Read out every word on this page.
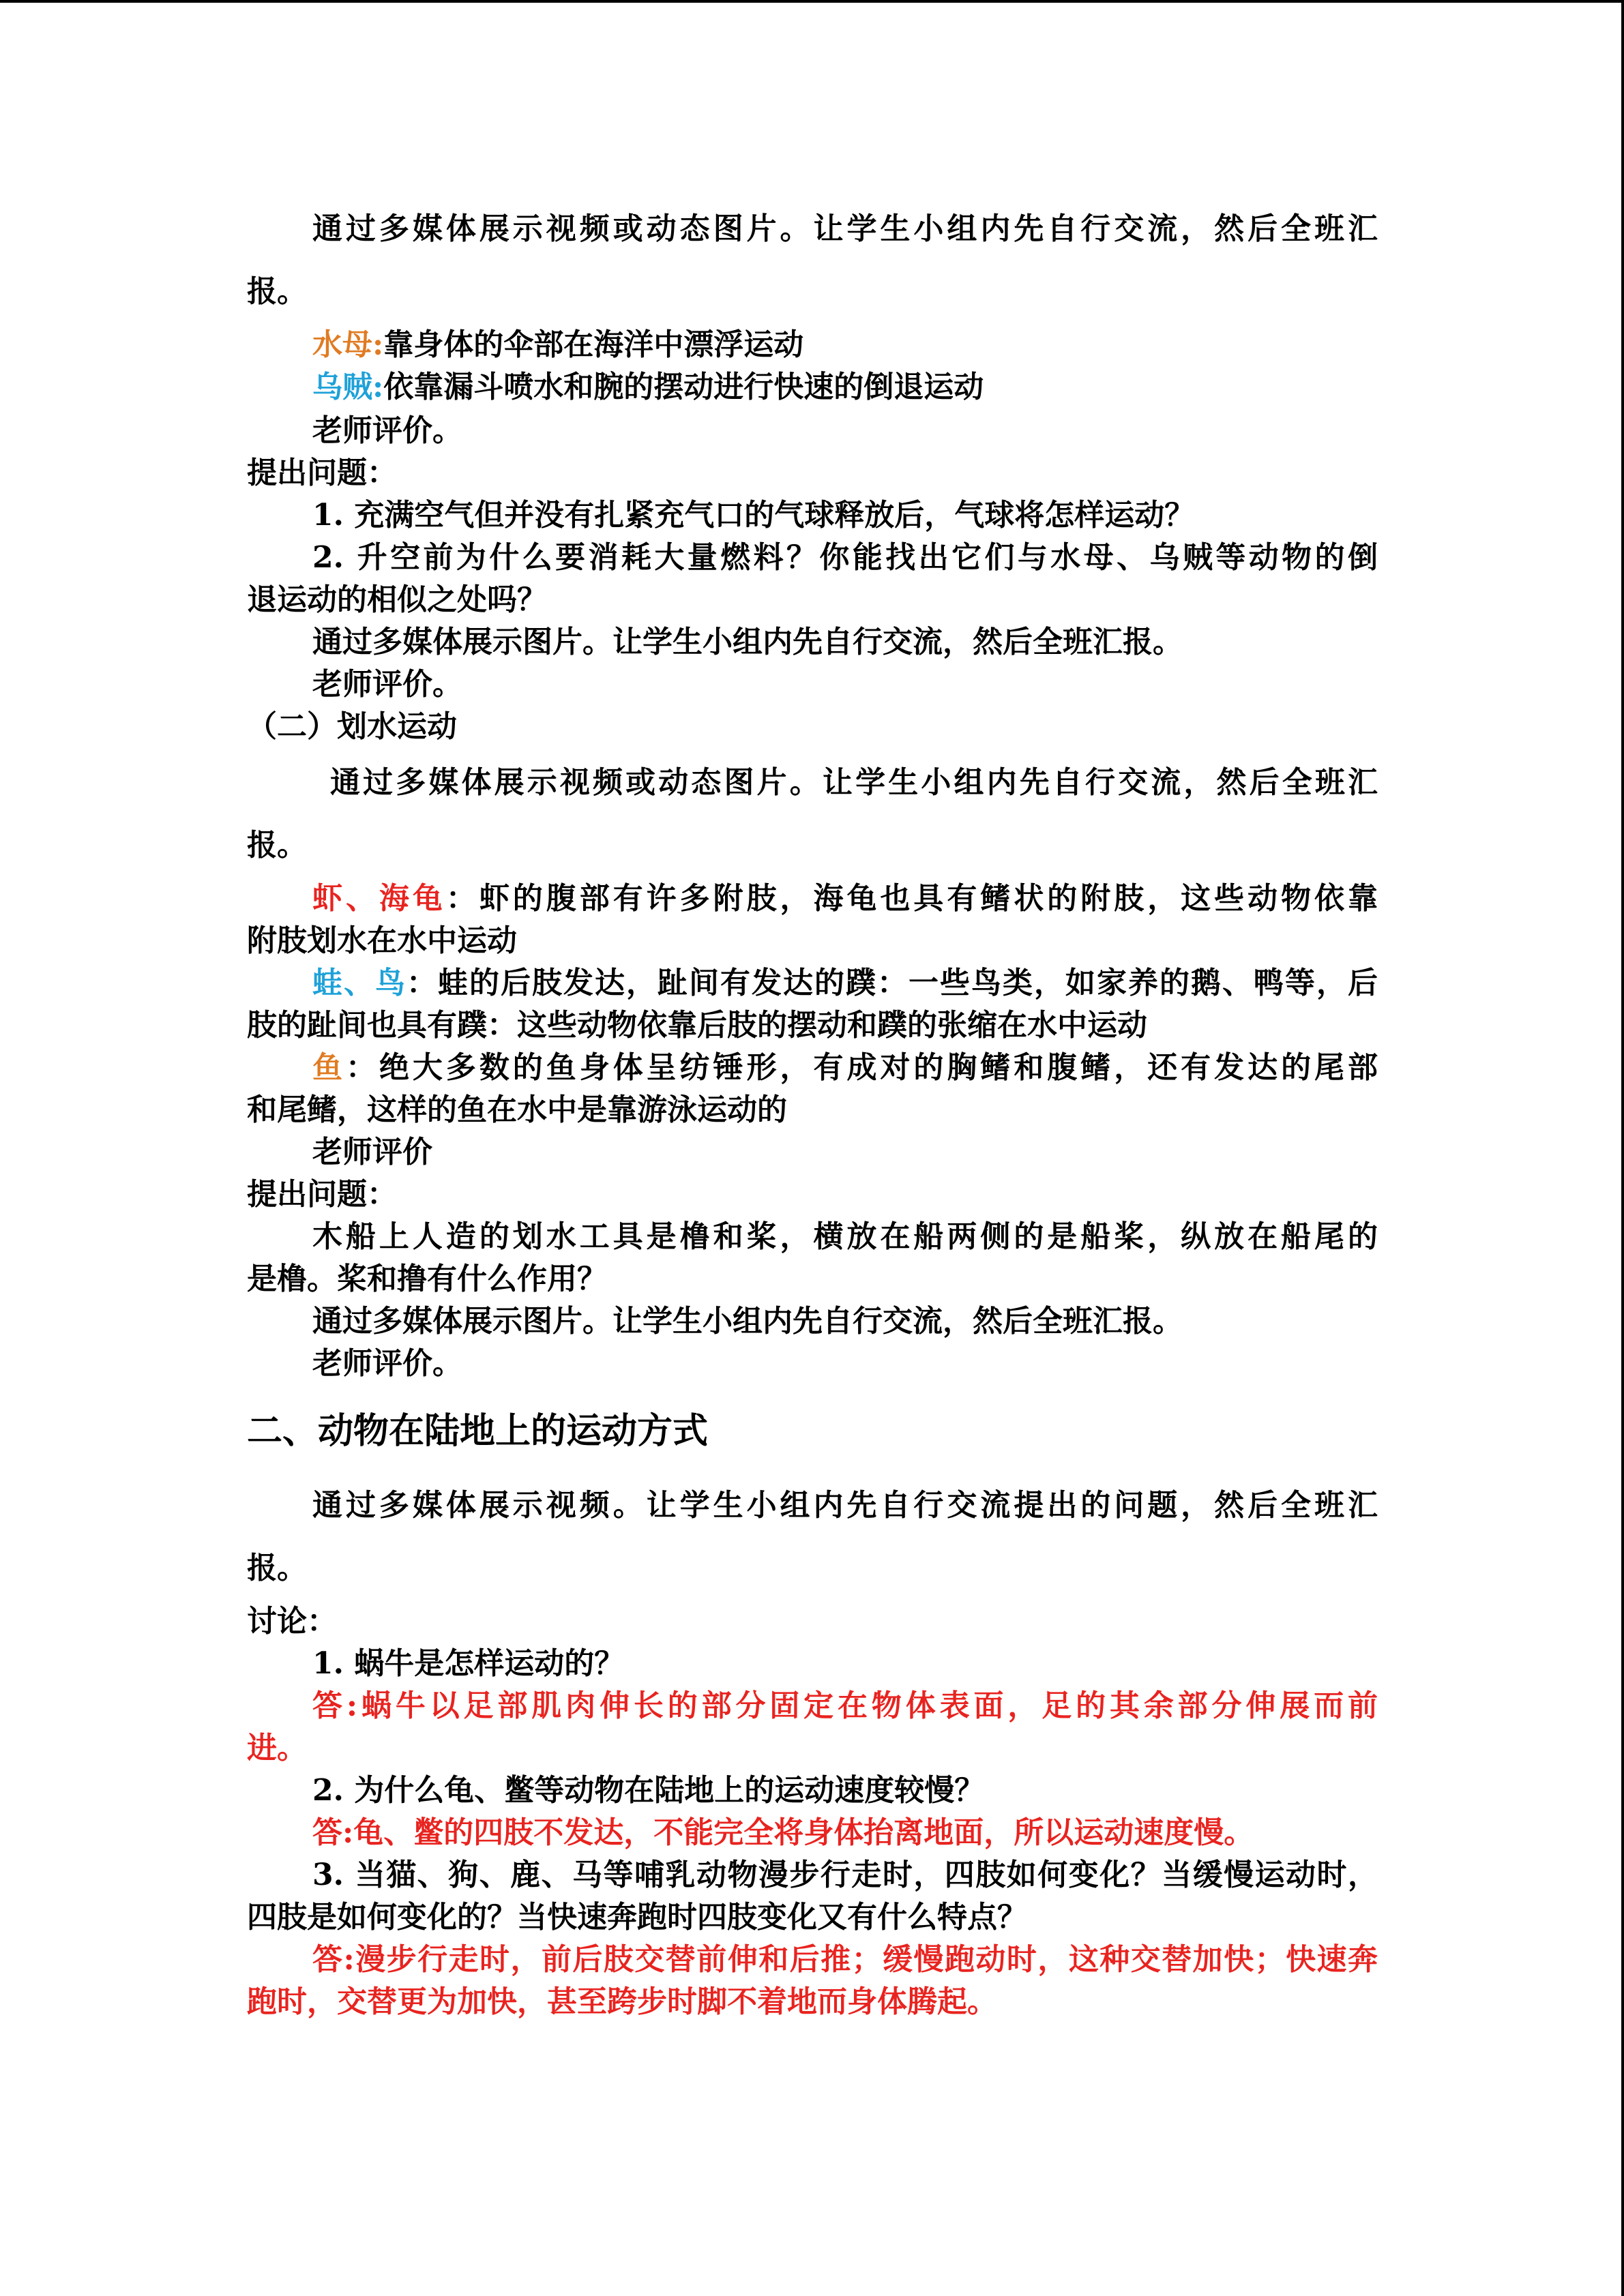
通过多媒体展示视频或动态图片。让学生小组内先自行交流，然后全班汇
报。
水母:靠身体的伞部在海洋中漂浮运动
乌贼:依靠漏斗喷水和腕的摆动进行快速的倒退运动
老师评价。
提出问题：
1. 充满空气但并没有扎紧充气口的气球释放后，气球将怎样运动？
2. 升空前为什么要消耗大量燃料？你能找出它们与水母、乌贼等动物的倒
退运动的相似之处吗？
通过多媒体展示图片。让学生小组内先自行交流，然后全班汇报。
老师评价。
（二）划水运动
通过多媒体展示视频或动态图片。让学生小组内先自行交流，然后全班汇
报。
虾、海龟：虾的腹部有许多附肢，海龟也具有鳍状的附肢，这些动物依靠
附肢划水在水中运动
蛙、鸟：蛙的后肢发达，趾间有发达的蹼：一些鸟类，如家养的鹅、鸭等，后
肢的趾间也具有蹼：这些动物依靠后肢的摆动和蹼的张缩在水中运动
鱼：绝大多数的鱼身体呈纺锤形，有成对的胸鳍和腹鳍，还有发达的尾部
和尾鳍，这样的鱼在水中是靠游泳运动的
老师评价
提出问题：
木船上人造的划水工具是橹和桨，横放在船两侧的是船桨，纵放在船尾的
是橹。桨和撸有什么作用？
通过多媒体展示图片。让学生小组内先自行交流，然后全班汇报。
老师评价。
二、动物在陆地上的运动方式
通过多媒体展示视频。让学生小组内先自行交流提出的问题，然后全班汇
报。
讨论：
1. 蜗牛是怎样运动的？
答:蜗牛以足部肌肉伸长的部分固定在物体表面，足的其余部分伸展而前
进。
2. 为什么龟、鳖等动物在陆地上的运动速度较慢？
答:龟、鳖的四肢不发达，不能完全将身体抬离地面，所以运动速度慢。
3. 当猫、狗、鹿、马等哺乳动物漫步行走时，四肢如何变化？当缓慢运动时，
四肢是如何变化的？当快速奔跑时四肢变化又有什么特点？
答:漫步行走时，前后肢交替前伸和后推；缓慢跑动时，这种交替加快；快速奔
跑时，交替更为加快，甚至跨步时脚不着地而身体腾起。
